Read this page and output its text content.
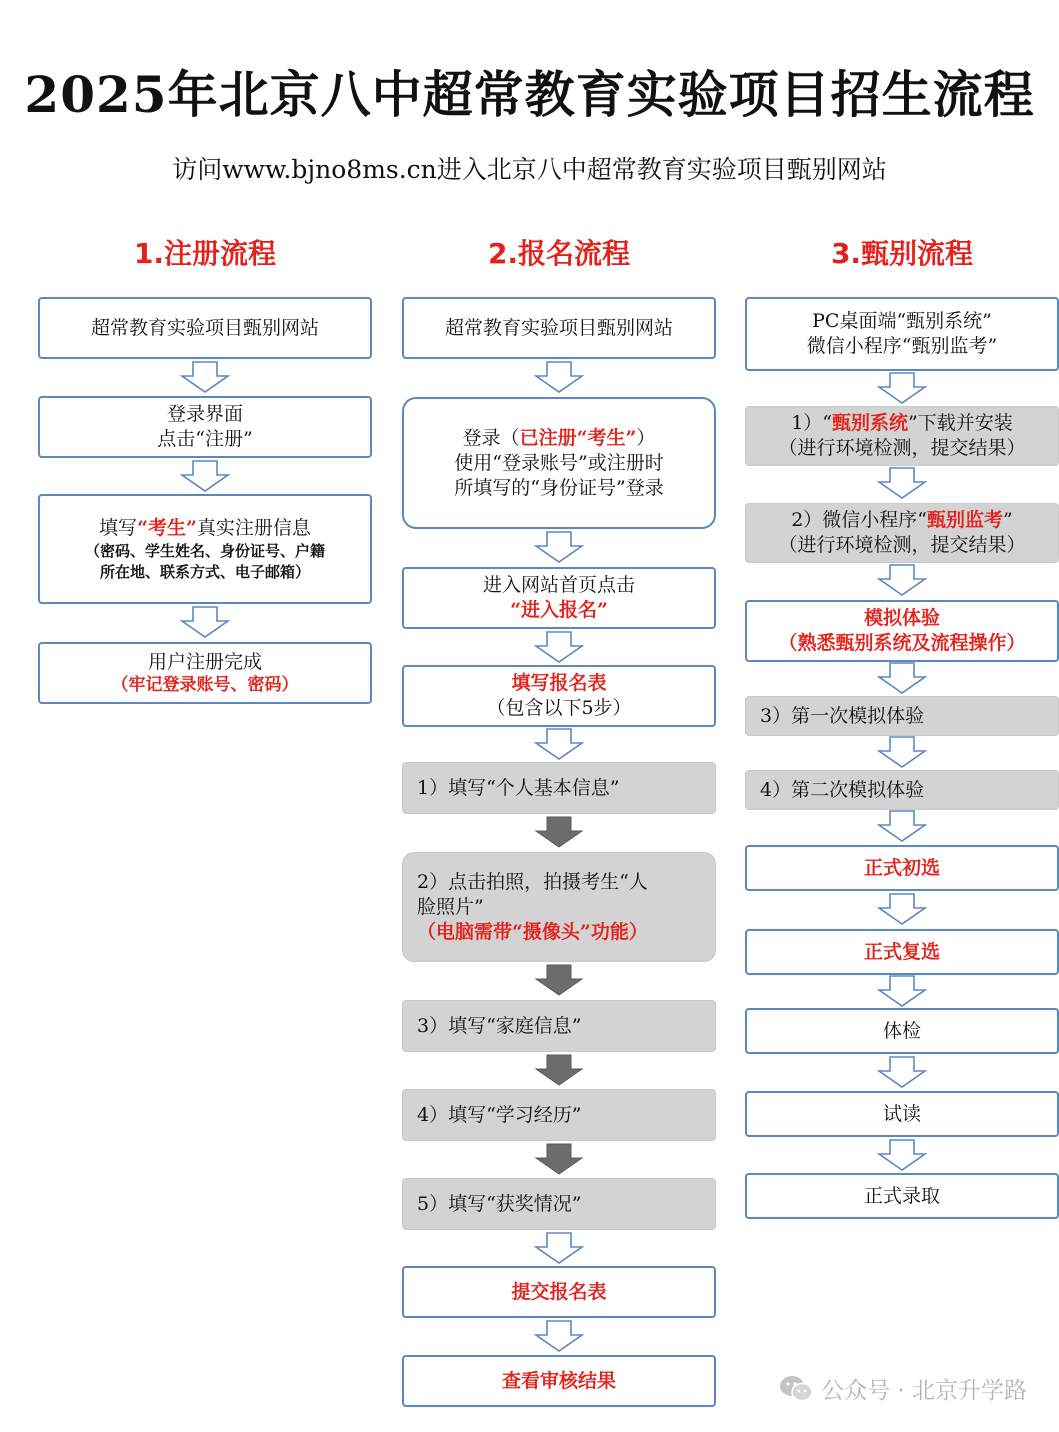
2025年北京八中超常教育实验项目招生流程
访问www.bjno8ms.cn进入北京八中超常教育实验项目甄别网站
1.注册流程
超常教育实验项目甄别网站
登录界面
点击“注册”
填写“考生”真实注册信息
（密码、学生姓名、身份证号、户籍
所在地、联系方式、电子邮箱）
用户注册完成
（牢记登录账号、密码）
2.报名流程
超常教育实验项目甄别网站
登录（已注册“考生”）
使用“登录账号”或注册时
所填写的“身份证号”登录
进入网站首页点击
“进入报名”
填写报名表
（包含以下5步）
1）填写“个人基本信息”
2）点击拍照，拍摄考生“人
脸照片”
（电脑需带“摄像头”功能）
3）填写“家庭信息”
4）填写“学习经历”
5）填写“获奖情况”
提交报名表
查看审核结果
3.甄别流程
PC桌面端“甄别系统”
微信小程序“甄别监考”
1）“甄别系统”下载并安装
（进行环境检测，提交结果）
2）微信小程序“甄别监考”
（进行环境检测，提交结果）
模拟体验
（熟悉甄别系统及流程操作）
3）第一次模拟体验
4）第二次模拟体验
正式初选
正式复选
体检
试读
正式录取
公众号 · 北京升学路
